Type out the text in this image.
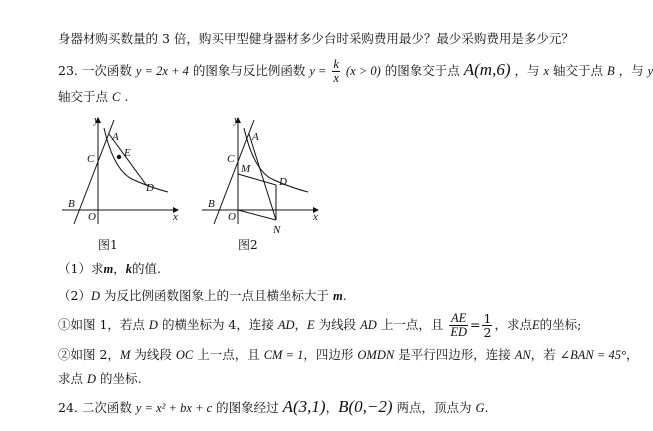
身器材购买数量的 3 倍，购买甲型健身器材多少台时采购费用最少？最少采购费用是多少元？
23. 一次函数 y = 2x + 4 的图象与反比例函数 $y = \frac{k}{x} (x > 0)$ 的图象交于点 A(m,6) ，与 x 轴交于点 B ，与 y
轴交于点 C .
y
A
C	E
D
B
O	x
图1
y
A
C
M
D
B
O
N
x
图2
（1）求m，k的值.
（2）D 为反比例函数图象上的一点且横坐标大于 m.
①如图 1，若点 D 的横坐标为 4，连接 AD，E 为线段 AD 上一点，且 $\frac{AE}{ED} = \frac{1}{2}$ ，求点E的坐标;
②如图 2，M 为线段 OC 上一点，且 CM = 1，四边形 OMDN 是平行四边形，连接 AN，若 ∠BAN = 45°，
求点 D 的坐标.
24. 二次函数 y = x² + bx + c 的图象经过 A(3,1)，B(0,−2) 两点，顶点为 G.
